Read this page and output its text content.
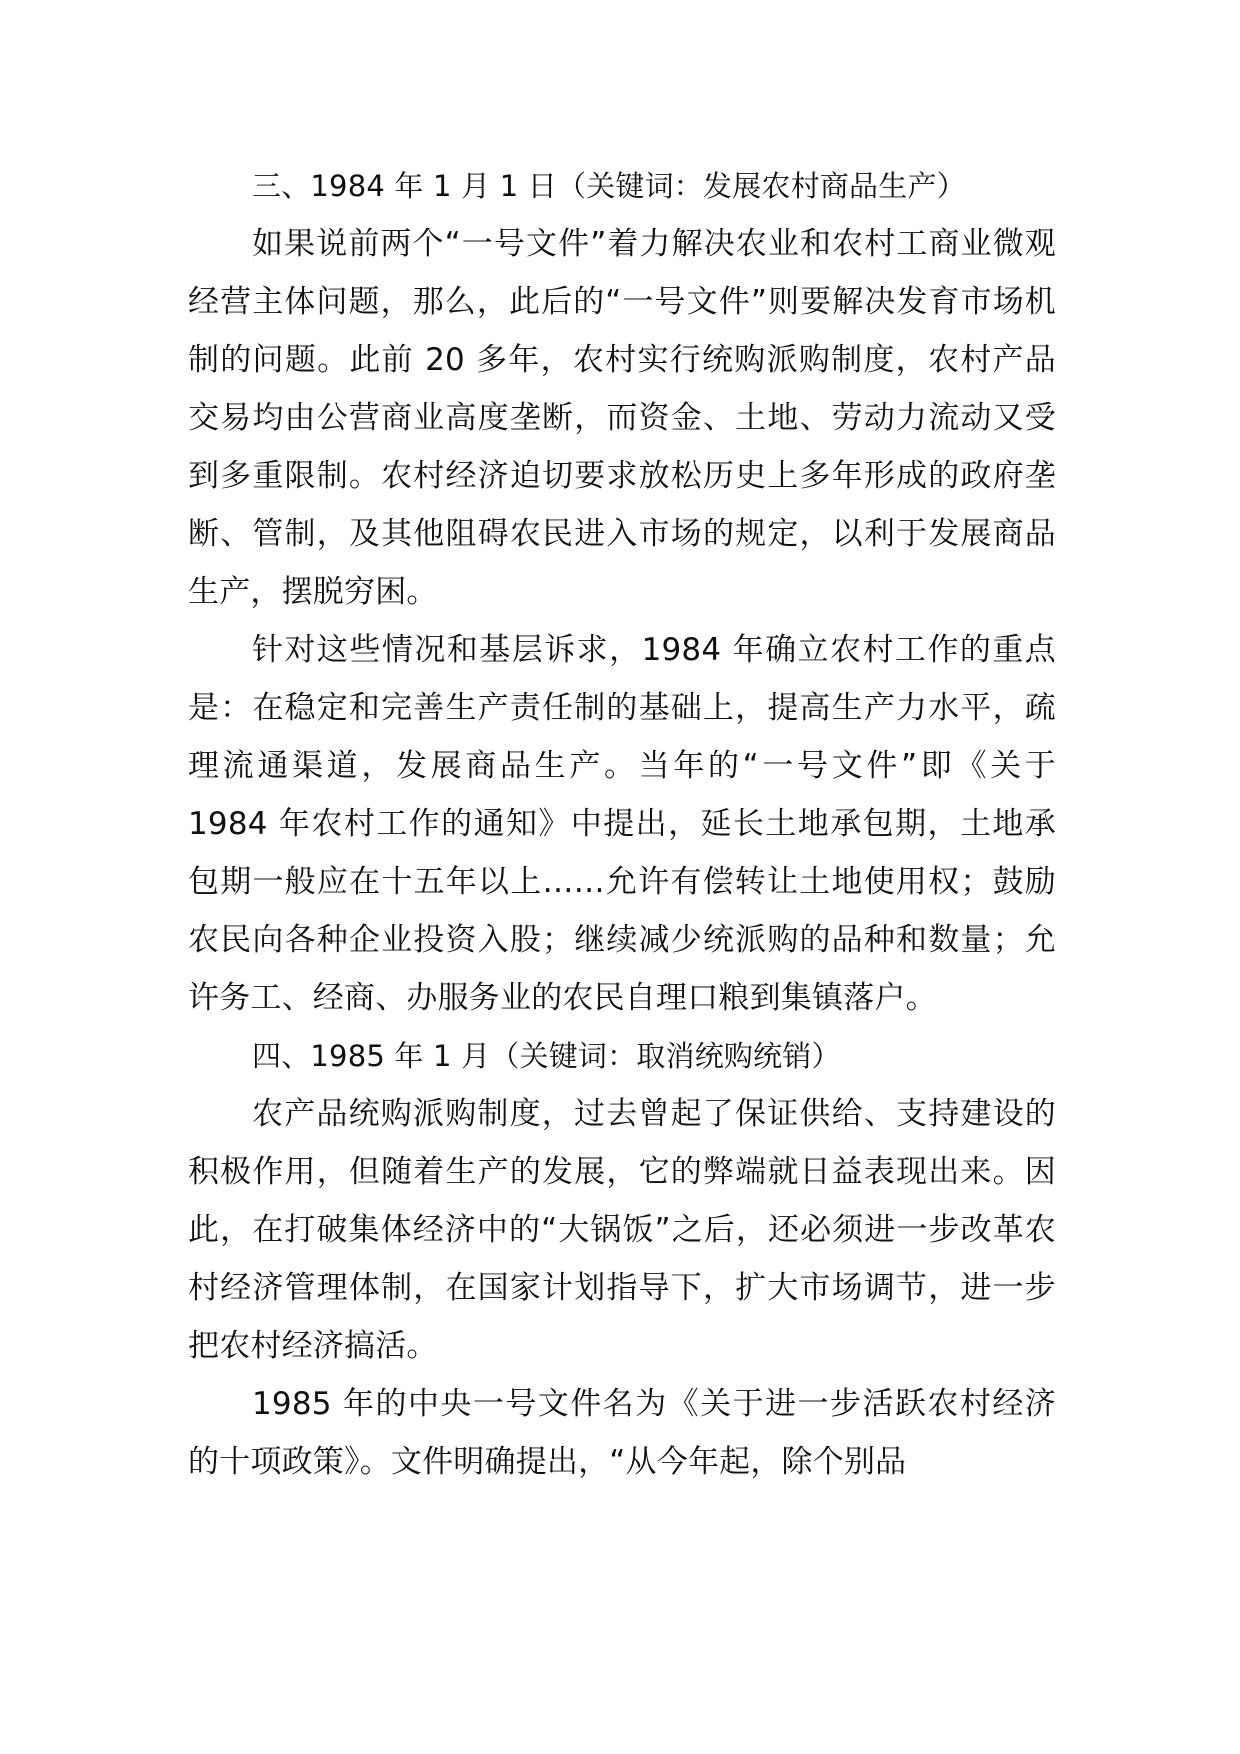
三、1984 年 1 月 1 日（关键词：发展农村商品生产）

如果说前两个“一号文件”着力解决农业和农村工商业微观经营主体问题，那么，此后的“一号文件”则要解决发育市场机制的问题。此前 20 多年，农村实行统购派购制度，农村产品交易均由公营商业高度垄断，而资金、土地、劳动力流动又受到多重限制。农村经济迫切要求放松历史上多年形成的政府垄断、管制，及其他阻碍农民进入市场的规定，以利于发展商品生产，摆脱穷困。

针对这些情况和基层诉求，1984 年确立农村工作的重点是：在稳定和完善生产责任制的基础上，提高生产力水平，疏理流通渠道，发展商品生产。当年的“一号文件”即《关于 1984 年农村工作的通知》中提出，延长土地承包期，土地承包期一般应在十五年以上……允许有偿转让土地使用权；鼓励农民向各种企业投资入股；继续减少统派购的品种和数量；允许务工、经商、办服务业的农民自理口粮到集镇落户。

四、1985 年 1 月（关键词：取消统购统销）

农产品统购派购制度，过去曾起了保证供给、支持建设的积极作用，但随着生产的发展，它的弊端就日益表现出来。因此，在打破集体经济中的“大锅饭”之后，还必须进一步改革农村经济管理体制，在国家计划指导下，扩大市场调节，进一步把农村经济搞活。

1985 年的中央一号文件名为《关于进一步活跃农村经济的十项政策》。文件明确提出，“从今年起，除个别品
